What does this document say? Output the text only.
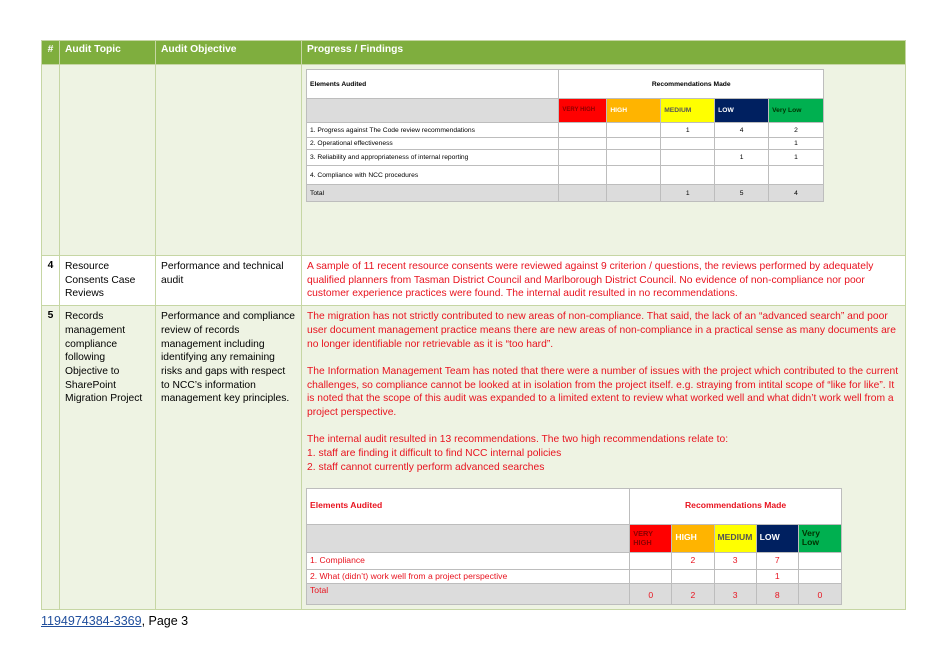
#	Audit Topic	Audit Objective	Progress / Findings

Elements Audited	Recommendations Made
	VERY HIGH	HIGH	MEDIUM	LOW	Very Low
1. Progress against The Code review recommendations			1	4	2
2. Operational effectiveness					1
3. Reliability and appropriateness of internal reporting				1	1
4. Compliance with NCC procedures					
Total			1	5	4

4	Resource Consents Case Reviews	Performance and technical audit	A sample of 11 recent resource consents were reviewed against 9 criterion / questions, the reviews performed by adequately qualified planners from Tasman District Council and Marlborough District Council. No evidence of non-compliance nor poor customer experience practices were found. The internal audit resulted in no recommendations.
5	Records management compliance following Objective to SharePoint Migration Project	Performance and compliance review of records management including identifying any remaining risks and gaps with respect to NCC’s information management key principles.	

The migration has not strictly contributed to new areas of non-compliance. That said, the lack of an “advanced search” and poor user document management practice means there are new areas of non-compliance in a practical sense as many documents are no longer identifiable nor retrievable as it is “too hard”.

The Information Management Team has noted that there were a number of issues with the project which contributed to the current challenges, so compliance cannot be looked at in isolation from the project itself. e.g. straying from intital scope of “like for like”. It is noted that the scope of this audit was expanded to a limited extent to review what worked well and what didn’t work well from a project perspective.

The internal audit resulted in 13 recommendations. The two high recommendations relate to:
1. staff are finding it difficult to find NCC internal policies
2. staff cannot currently perform advanced searches

Elements Audited	Recommendations Made
	VERY HIGH	HIGH	MEDIUM	LOW	Very Low
1. Compliance		2	3	7	
2. What (didn’t) work well from a project perspective				1	
Total	0	2	3	8	0
1194974384-3369, Page 3
